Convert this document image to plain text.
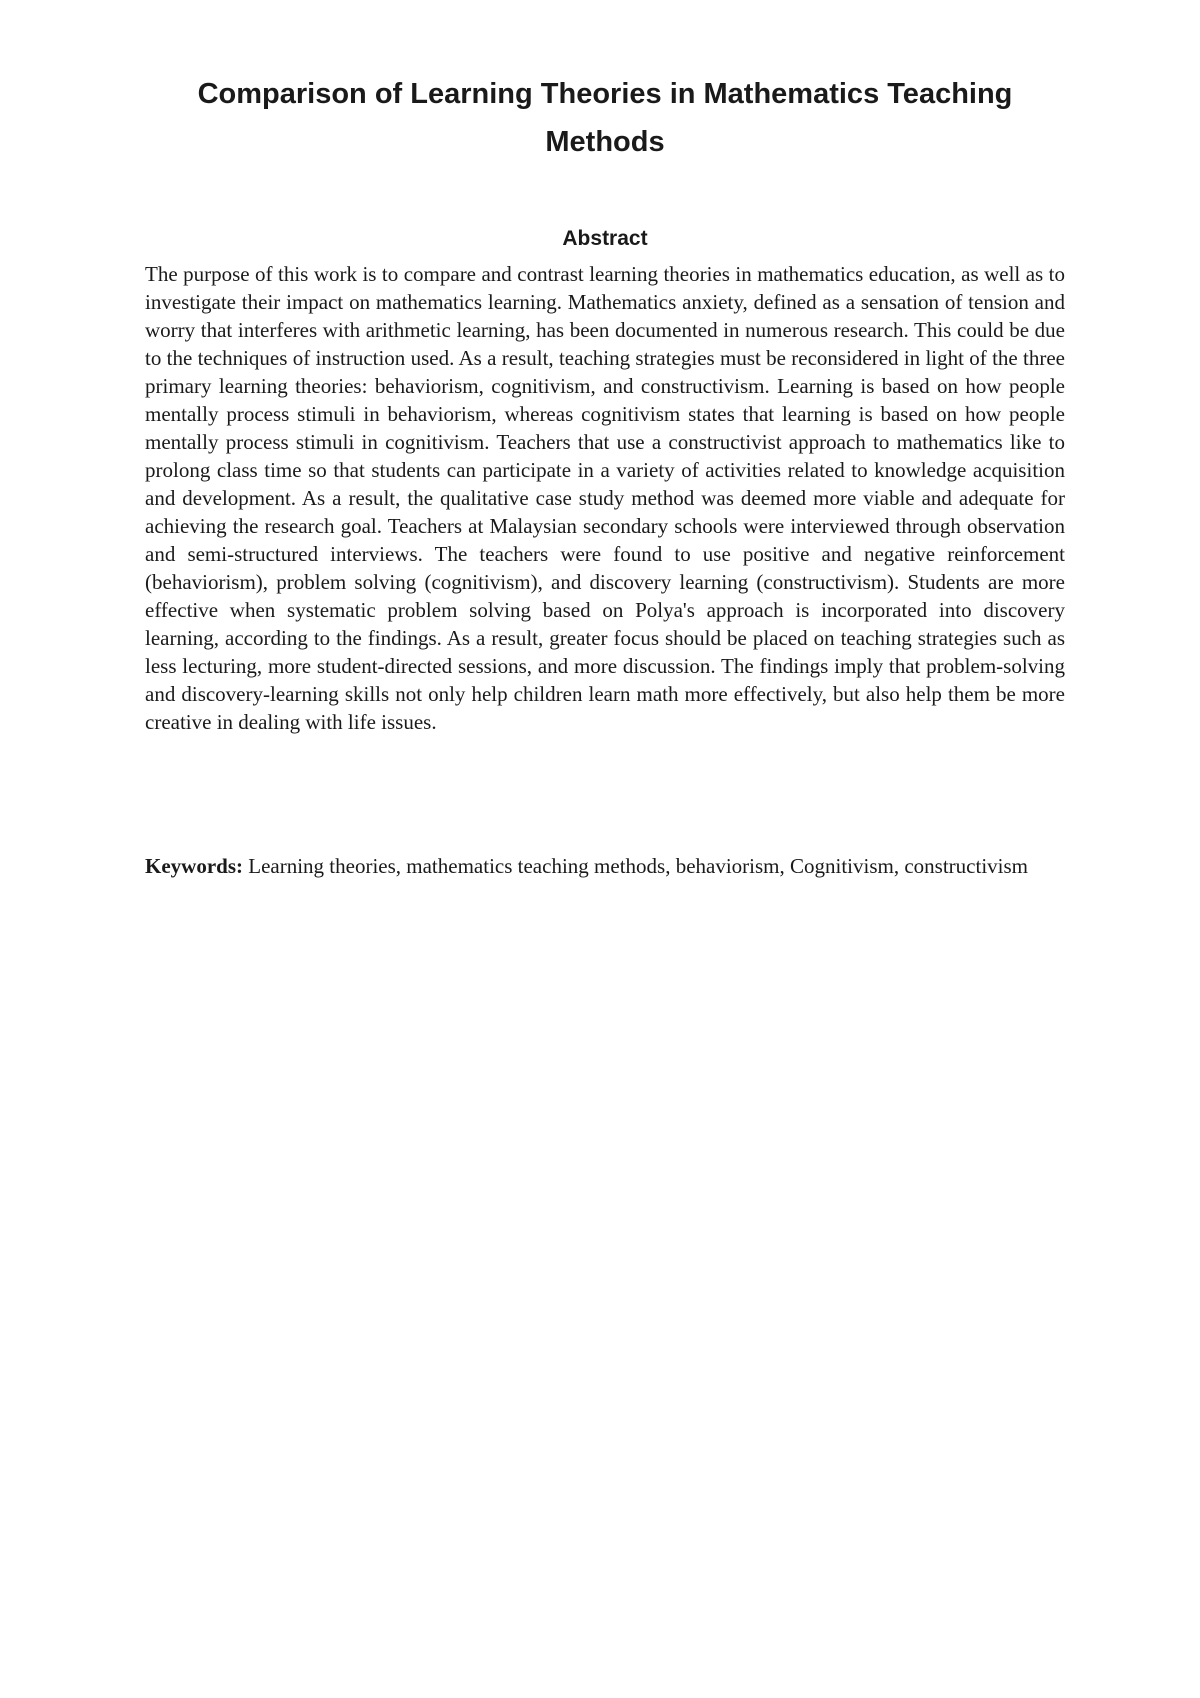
Comparison of Learning Theories in Mathematics Teaching Methods
Abstract

The purpose of this work is to compare and contrast learning theories in mathematics education, as well as to investigate their impact on mathematics learning. Mathematics anxiety, defined as a sensation of tension and worry that interferes with arithmetic learning, has been documented in numerous research. This could be due to the techniques of instruction used. As a result, teaching strategies must be reconsidered in light of the three primary learning theories: behaviorism, cognitivism, and constructivism. Learning is based on how people mentally process stimuli in behaviorism, whereas cognitivism states that learning is based on how people mentally process stimuli in cognitivism. Teachers that use a constructivist approach to mathematics like to prolong class time so that students can participate in a variety of activities related to knowledge acquisition and development. As a result, the qualitative case study method was deemed more viable and adequate for achieving the research goal. Teachers at Malaysian secondary schools were interviewed through observation and semi-structured interviews. The teachers were found to use positive and negative reinforcement (behaviorism), problem solving (cognitivism), and discovery learning (constructivism). Students are more effective when systematic problem solving based on Polya's approach is incorporated into discovery learning, according to the findings. As a result, greater focus should be placed on teaching strategies such as less lecturing, more student-directed sessions, and more discussion. The findings imply that problem-solving and discovery-learning skills not only help children learn math more effectively, but also help them be more creative in dealing with life issues.

Keywords: Learning theories, mathematics teaching methods, behaviorism, Cognitivism, constructivism
